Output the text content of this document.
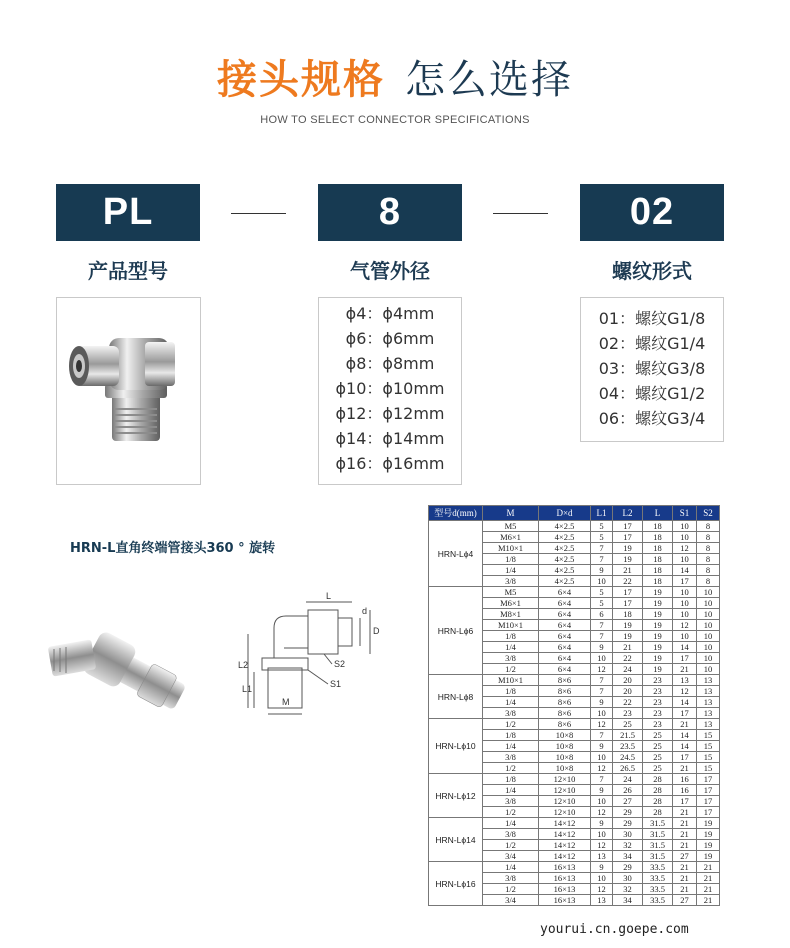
接头规格 怎么选择
HOW TO SELECT CONNECTOR SPECIFICATIONS
PL	8	02
产品型号	气管外径	螺纹形式
ϕ4：ϕ4mm
ϕ6：ϕ6mm
ϕ8：ϕ8mm
ϕ10：ϕ10mm
ϕ12：ϕ12mm
ϕ14：ϕ14mm
ϕ16：ϕ16mm
01：螺纹G1/8
02：螺纹G1/4
03：螺纹G3/8
04：螺纹G1/2
06：螺纹G3/4
HRN-L直角终端管接头360 ° 旋转
L
d
D
S2
S1
L2
L1
M
型号d(mm)	M	D×d	L1	L2	L	S1	S2
HRN-Lϕ4	M5	4×2.5	5	17	18	10	8
	M6×1	4×2.5	5	17	18	10	8
	M10×1	4×2.5	7	19	18	12	8
	1/8	4×2.5	7	19	18	10	8
	1/4	4×2.5	9	21	18	14	8
	3/8	4×2.5	10	22	18	17	8
HRN-Lϕ6	M5	6×4	5	17	19	10	10
	M6×1	6×4	5	17	19	10	10
	M8×1	6×4	6	18	19	10	10
	M10×1	6×4	7	19	19	12	10
	1/8	6×4	7	19	19	10	10
	1/4	6×4	9	21	19	14	10
	3/8	6×4	10	22	19	17	10
	1/2	6×4	12	24	19	21	10
HRN-Lϕ8	M10×1	8×6	7	20	23	13	13
	1/8	8×6	7	20	23	12	13
	1/4	8×6	9	22	23	14	13
	3/8	8×6	10	23	23	17	13
HRN-Lϕ10	1/2	8×6	12	25	23	21	13
	1/8	10×8	7	21.5	25	14	15
	1/4	10×8	9	23.5	25	14	15
	3/8	10×8	10	24.5	25	17	15
	1/2	10×8	12	26.5	25	21	15
HRN-Lϕ12	1/8	12×10	7	24	28	16	17
	1/4	12×10	9	26	28	16	17
	3/8	12×10	10	27	28	17	17
	1/2	12×10	12	29	28	21	17
HRN-Lϕ14	1/4	14×12	9	29	31.5	21	19
	3/8	14×12	10	30	31.5	21	19
	1/2	14×12	12	32	31.5	21	19
	3/4	14×12	13	34	31.5	27	19
HRN-Lϕ16	1/4	16×13	9	29	33.5	21	21
	3/8	16×13	10	30	33.5	21	21
	1/2	16×13	12	32	33.5	21	21
	3/4	16×13	13	34	33.5	27	21
yourui.cn.goepe.com
